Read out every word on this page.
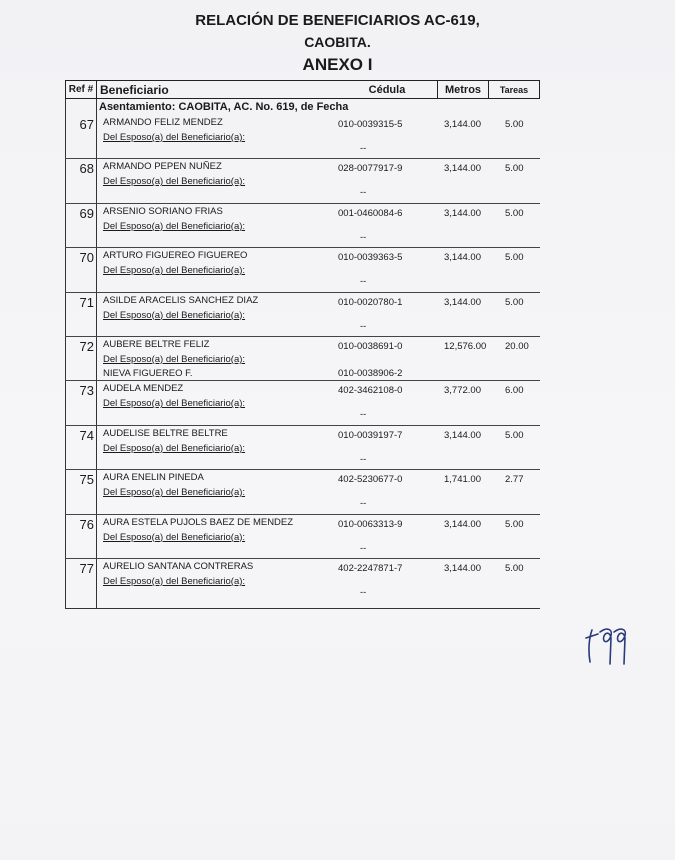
RELACIÓN DE BENEFICIARIOS AC-619,
CAOBITA.
ANEXO I
Ref # Beneficiario	Cédula	Metros	Tareas
Asentamiento: CAOBITA, AC. No. 619, de Fecha
67 ARMANDO FELIZ MENDEZ	010-0039315-5	3,144.00	5.00
Del Esposo(a) del Beneficiario(a):
--
68 ARMANDO PEPEN NUÑEZ	028-0077917-9	3,144.00	5.00
Del Esposo(a) del Beneficiario(a):
--
69 ARSENIO SORIANO FRIAS	001-0460084-6	3,144.00	5.00
Del Esposo(a) del Beneficiario(a):
--
70 ARTURO FIGUEREO FIGUEREO	010-0039363-5	3,144.00	5.00
Del Esposo(a) del Beneficiario(a):
--
71 ASILDE ARACELIS SANCHEZ DIAZ	010-0020780-1	3,144.00	5.00
Del Esposo(a) del Beneficiario(a):
--
72 AUBERE BELTRE FELIZ	010-0038691-0	12,576.00 20.00
Del Esposo(a) del Beneficiario(a):
NIEVA FIGUEREO F.	010-0038906-2
73 AUDELA MENDEZ	402-3462108-0	3,772.00	6.00
Del Esposo(a) del Beneficiario(a):
--
74 AUDELISE BELTRE BELTRE	010-0039197-7	3,144.00	5.00
Del Esposo(a) del Beneficiario(a):
--
75 AURA ENELIN PINEDA	402-5230677-0	1,741.00	2.77
Del Esposo(a) del Beneficiario(a):
--
76 AURA ESTELA PUJOLS BAEZ DE MENDEZ	010-0063313-9	3,144.00	5.00
Del Esposo(a) del Beneficiario(a):
--
77 AURELIO SANTANA CONTRERAS	402-2247871-7	3,144.00	5.00
Del Esposo(a) del Beneficiario(a):
--
